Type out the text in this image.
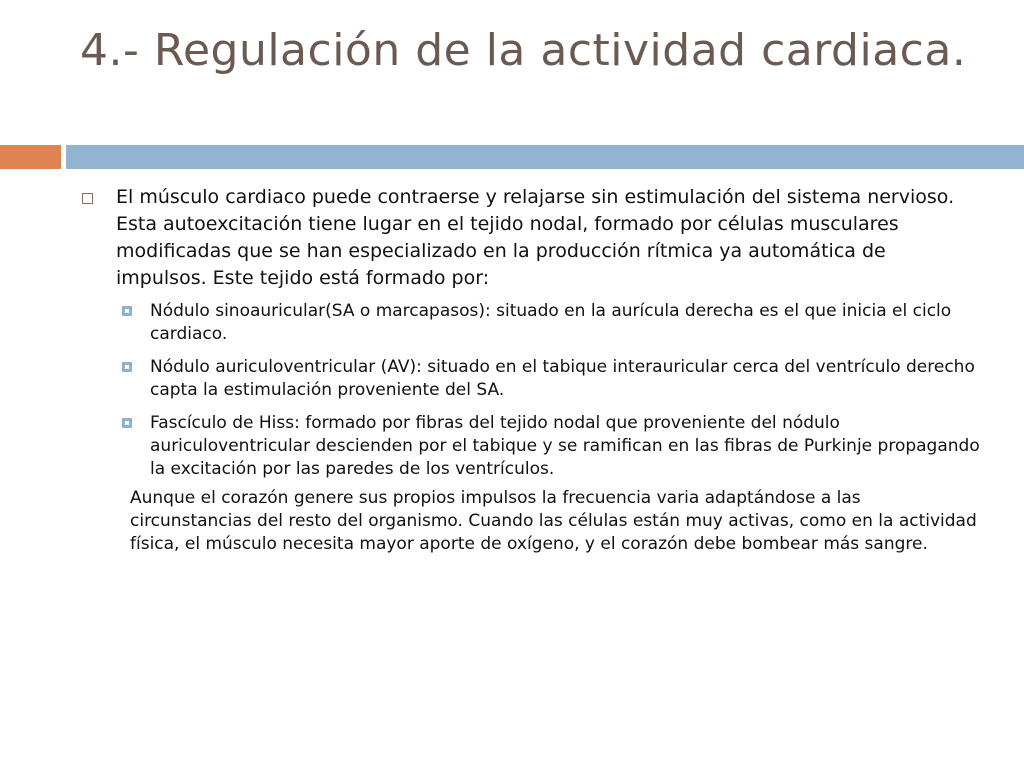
4.- Regulación de la actividad cardiaca.
El músculo cardiaco puede contraerse y relajarse sin estimulación del sistema nervioso. Esta autoexcitación tiene lugar en el tejido nodal, formado por células musculares modificadas que se han especializado en la producción rítmica ya automática de impulsos. Este tejido está formado por:
Nódulo sinoauricular(SA o marcapasos): situado en la aurícula derecha es el que inicia el ciclo cardiaco.
Nódulo auriculoventricular (AV): situado en el tabique interauricular cerca del ventrículo derecho capta la estimulación proveniente del SA.
Fascículo de Hiss: formado por fibras del tejido nodal que proveniente del nódulo auriculoventricular descienden por el tabique y se ramifican en las fibras de Purkinje propagando la excitación por las paredes de los ventrículos.

Aunque el corazón genere sus propios impulsos la frecuencia varia adaptándose a las circunstancias del resto del organismo. Cuando las células están muy activas, como en la actividad física, el músculo necesita mayor aporte de oxígeno, y el corazón debe bombear más sangre.
